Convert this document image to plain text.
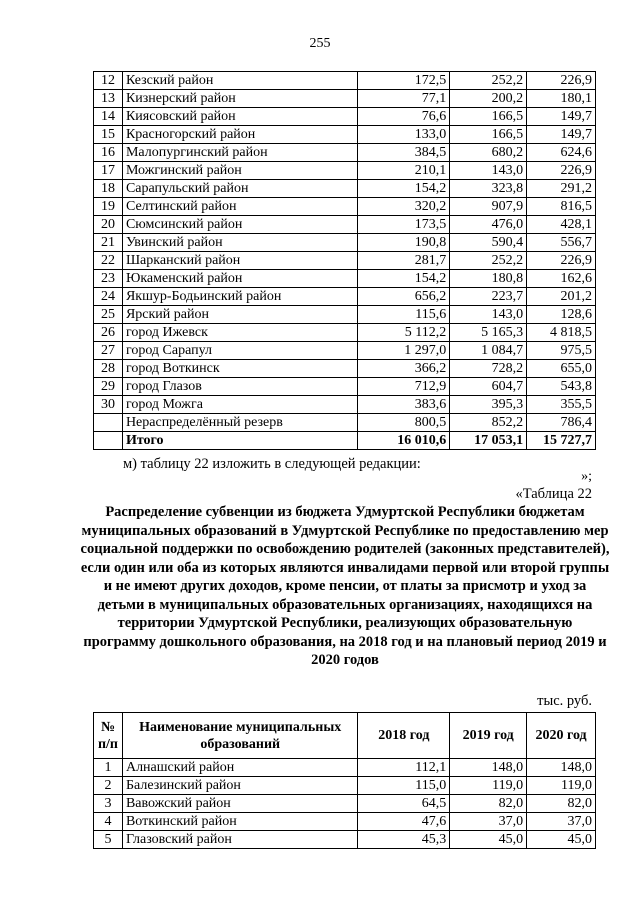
255
12	Кезский район	172,5	252,2	226,9
13	Кизнерский район	77,1	200,2	180,1
14	Киясовский район	76,6	166,5	149,7
15	Красногорский район	133,0	166,5	149,7
16	Малопургинский район	384,5	680,2	624,6
17	Можгинский район	210,1	143,0	226,9
18	Сарапульский район	154,2	323,8	291,2
19	Селтинский район	320,2	907,9	816,5
20	Сюмсинский район	173,5	476,0	428,1
21	Увинский район	190,8	590,4	556,7
22	Шарканский район	281,7	252,2	226,9
23	Юкаменский район	154,2	180,8	162,6
24	Якшур-Бодьинский район	656,2	223,7	201,2
25	Ярский район	115,6	143,0	128,6
26	город Ижевск	5 112,2	5 165,3	4 818,5
27	город Сарапул	1 297,0	1 084,7	975,5
28	город Воткинск	366,2	728,2	655,0
29	город Глазов	712,9	604,7	543,8
30	город Можга	383,6	395,3	355,5
	Нераспределённый резерв	800,5	852,2	786,4
	Итого	16 010,6	17 053,1	15 727,7
»;
м) таблицу 22 изложить в следующей редакции:
«Таблица 22
Распределение субвенции из бюджета Удмуртской Республики бюджетам муниципальных образований в Удмуртской Республике по предоставлению мер социальной поддержки по освобождению родителей (законных представителей), если один или оба из которых являются инвалидами первой или второй группы и не имеют других доходов, кроме пенсии, от платы за присмотр и уход за детьми в муниципальных образовательных организациях, находящихся на территории Удмуртской Республики, реализующих образовательную программу дошкольного образования, на 2018 год и на плановый период 2019 и 2020 годов
тыс. руб.
№ п/п	Наименование муниципальных образований	2018 год	2019 год	2020 год
1	Алнашский район	112,1	148,0	148,0
2	Балезинский район	115,0	119,0	119,0
3	Вавожский район	64,5	82,0	82,0
4	Воткинский район	47,6	37,0	37,0
5	Глазовский район	45,3	45,0	45,0
